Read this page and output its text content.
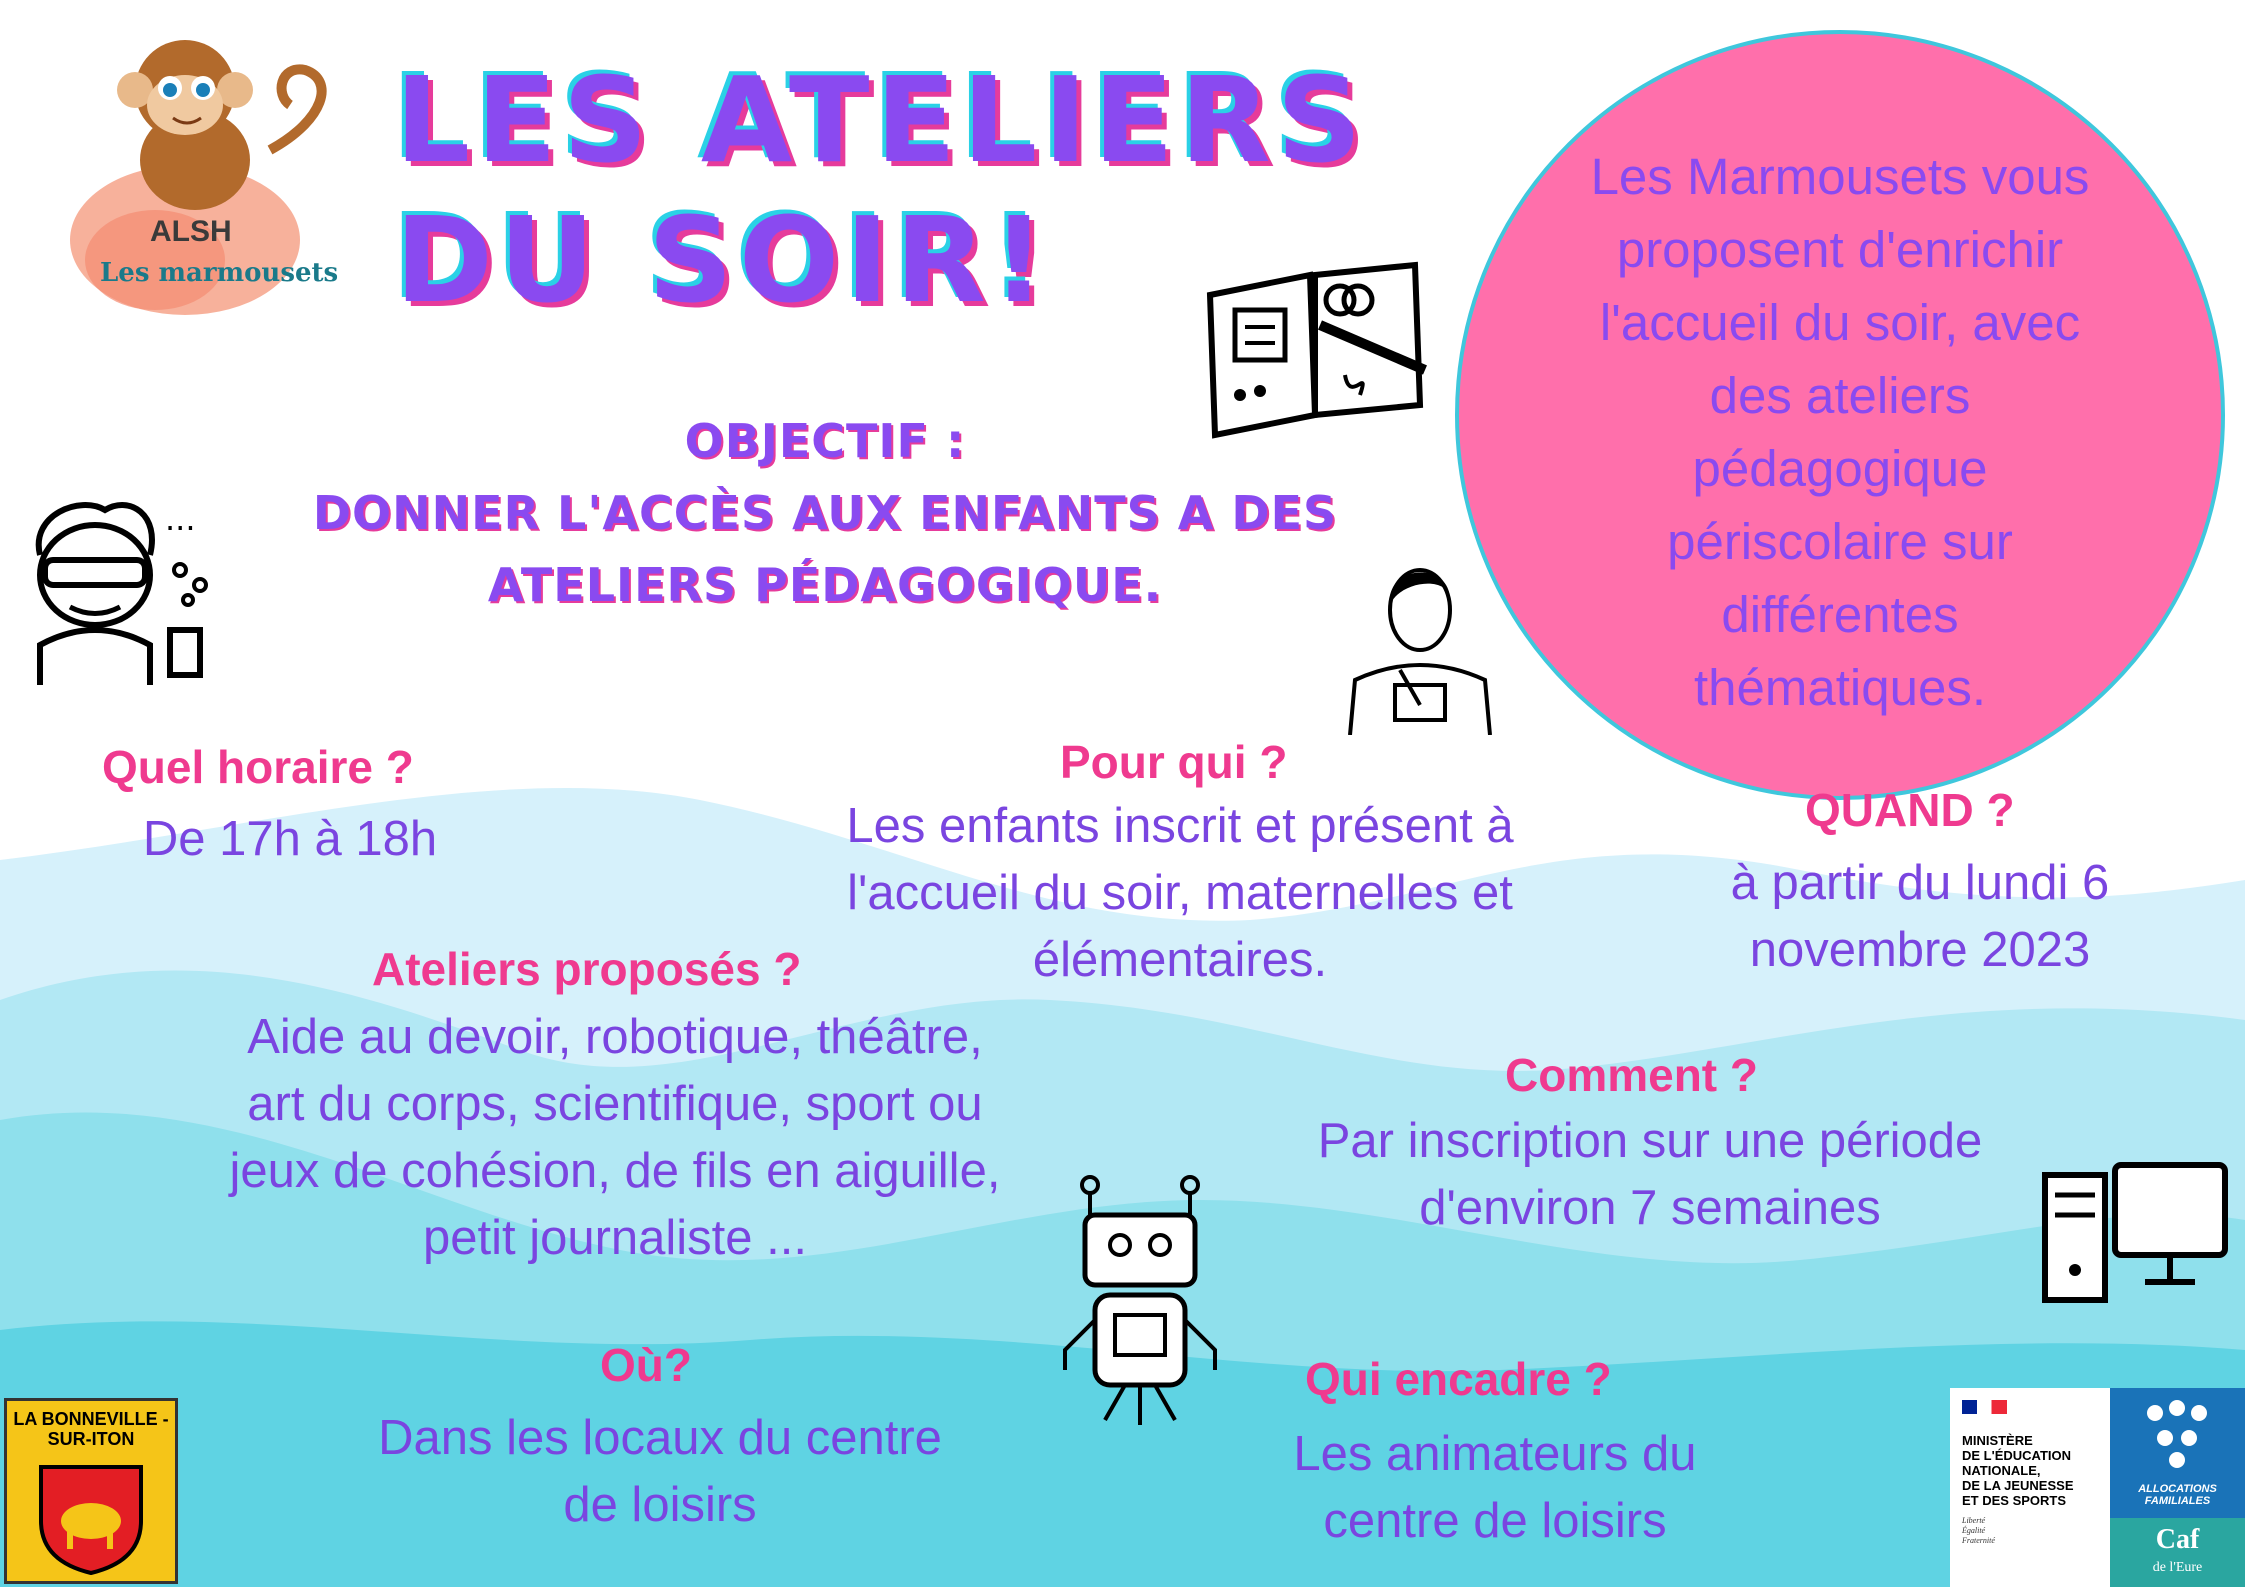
ALSH
Les marmousets
LES ATELIERS
DU SOIR!
Les Marmousets vous
proposent d'enrichir
l'accueil du soir, avec
des ateliers
pédagogique
périscolaire sur
différentes
thématiques.
OBJECTIF :
DONNER L'ACCÈS AUX ENFANTS A DES
ATELIERS PÉDAGOGIQUE.
...
Quel horaire ?
De 17h à 18h
Pour qui ?
Les enfants inscrit et présent à
l'accueil du soir, maternelles et
élémentaires.
QUAND ?
à partir du lundi 6
novembre 2023
Ateliers proposés ?
Aide au devoir, robotique, théâtre,
art du corps, scientifique, sport ou
jeux de cohésion, de fils en aiguille,
petit journaliste ...
Comment ?
Par inscription sur une période
d'environ 7 semaines
Où?
Dans les locaux du centre
de loisirs
Qui encadre ?
Les animateurs du
centre de loisirs
LA BONNEVILLE -SUR-ITON	MINISTÈRE
DE L'ÉDUCATION
NATIONALE,
DE LA JEUNESSE
ET DES SPORTS
Liberté
Égalité
Fraternité
ALLOCATIONS FAMILIALES
Caf
de l'Eure
